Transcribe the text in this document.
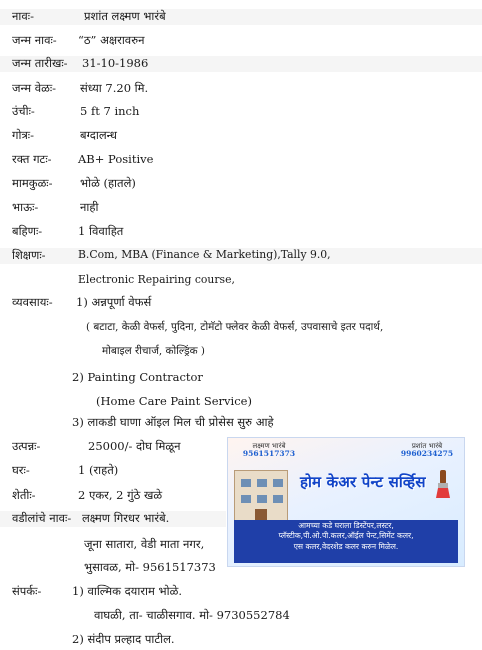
नावः-	प्रशांत लक्ष्मण भारंबे
जन्म नावः- “ठ” अक्षरावरुन
जन्म तारीखः- 31-10-1986
जन्म वेळः- संध्या 7.20 मि.
उंचीः-	5 ft 7 inch
गोत्रः-	बग्दालन्ध
रक्त गटः- AB+ Positive
मामकुळः- भोळे (हातले)
भाऊः-	नाही
बहिणः-	1 विवाहित
शिक्षणः-	B.Com, MBA (Finance & Marketing),Tally 9.0,
Electronic Repairing course,
व्यवसायः- 1) अन्नपूर्णा वेफर्स
( बटाटा, केळी वेफर्स, पुदिना, टोमॅटो फ्लेवर केळी वेफर्स, उपवासाचे इतर पदार्थ,
मोबाइल रीचार्ज, कोल्ड्रिंक )
2) Painting Contractor
(Home Care Paint Service)
3) लाकडी घाणा ऑइल मिल ची प्रोसेस सुरु आहे
उत्पन्नः-	25000/- दोघ मिळून
घरः-	1 (राहते)
शेतीः-	2 एकर, 2 गुंठे खळे
वडीलांचे नावः- लक्ष्मण गिरधर भारंबे.
जूना सातारा, वेडी माता नगर,
भुसावळ, मो- 9561517373
संपर्कः-	1) वाल्मिक दयाराम भोळे.
वाघळी, ता- चाळीसगाव. मो- 9730552784
2) संदीप प्रल्हाद पाटील.
लक्ष्मण भारंबे
9561517373
प्रशांत भारंबे
9960234275
होम केअर पेन्ट सर्व्हिस
आमच्या कडे घराला डिस्टेंपर,लस्टर,
प्लॅस्टीक,पी.ओ.पी.कलर,ऑईल पेन्ट,सिमेंट कलर,
एस कलर,वेदरशेड कलर करुन मिळेल.
